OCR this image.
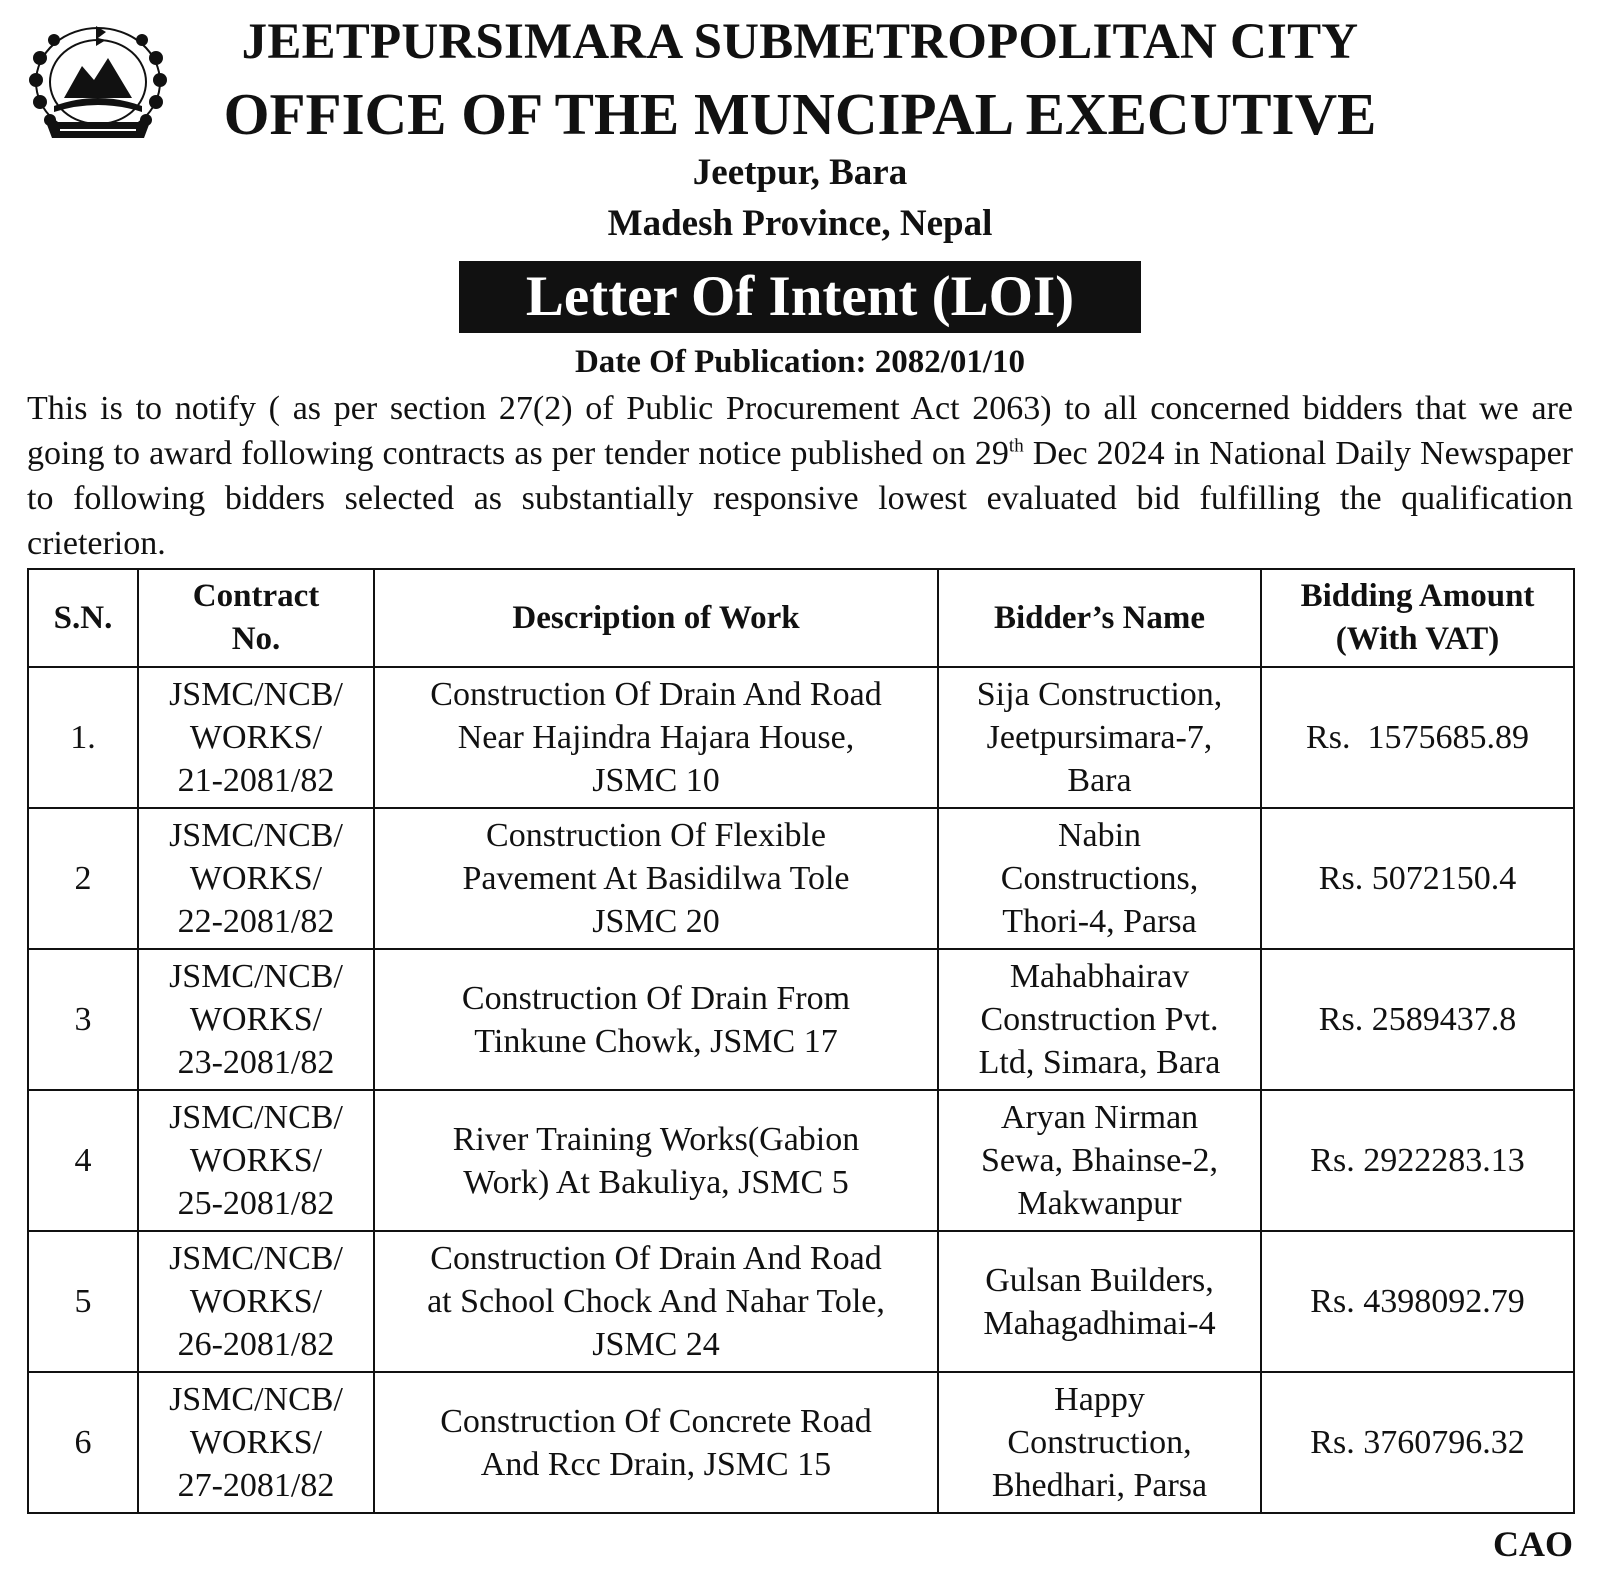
JEETPURSIMARA SUBMETROPOLITAN CITY
OFFICE OF THE MUNCIPAL EXECUTIVE
Jeetpur, Bara
Madesh Province, Nepal
Letter Of Intent (LOI)
Date Of Publication: 2082/01/10
This is to notify ( as per section 27(2) of Public Procurement Act 2063) to all concerned bidders that we are going to award following contracts as per tender notice published on 29th Dec 2024 in National Daily Newspaper to following bidders selected as substantially responsive lowest evaluated bid fulfilling the qualification crieterion.
S.N.	Contract
No.	Description of Work	Bidder’s Name	Bidding Amount
(With VAT)
1.	JSMC/NCB/
WORKS/
21-2081/82	Construction Of Drain And Road
Near Hajindra Hajara House,
JSMC 10	Sija Construction,
Jeetpursimara-7,
Bara	Rs.  1575685.89
2	JSMC/NCB/
WORKS/
22-2081/82	Construction Of Flexible
Pavement At Basidilwa Tole
JSMC 20	Nabin
Constructions,
Thori-4, Parsa	Rs. 5072150.4
3	JSMC/NCB/
WORKS/
23-2081/82	Construction Of Drain From
Tinkune Chowk, JSMC 17	Mahabhairav
Construction Pvt.
Ltd, Simara, Bara	Rs. 2589437.8
4	JSMC/NCB/
WORKS/
25-2081/82	River Training Works(Gabion
Work) At Bakuliya, JSMC 5	Aryan Nirman
Sewa, Bhainse-2,
Makwanpur	Rs. 2922283.13
5	JSMC/NCB/
WORKS/
26-2081/82	Construction Of Drain And Road
at School Chock And Nahar Tole,
JSMC 24	Gulsan Builders,
Mahagadhimai-4	Rs. 4398092.79
6	JSMC/NCB/
WORKS/
27-2081/82	Construction Of Concrete Road
And Rcc Drain, JSMC 15	Happy
Construction,
Bhedhari, Parsa	Rs. 3760796.32
CAO
